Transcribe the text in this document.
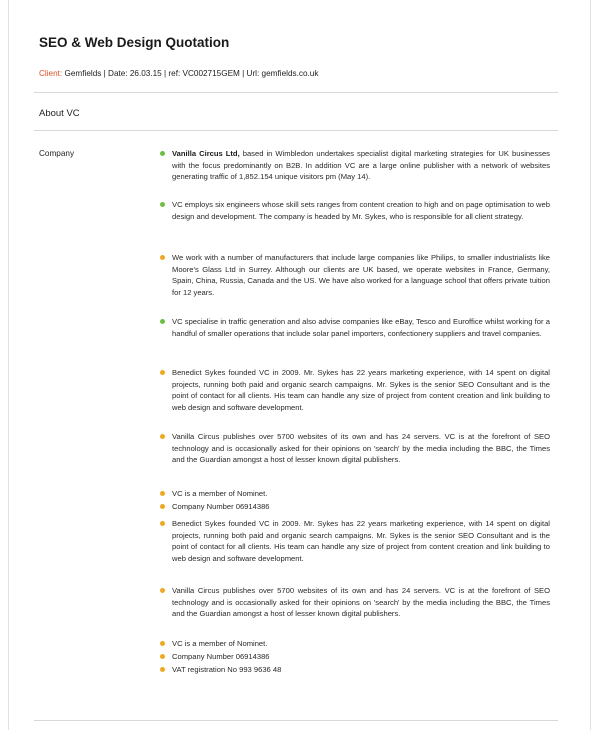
SEO & Web Design Quotation
Client: Gemfields | Date: 26.03.15 | ref: VC002715GEM | Url: gemfields.co.uk
About VC
Company	Vanilla Circus Ltd, based in Wimbledon undertakes specialist digital marketing strategies for UK businesses with the focus predominantly on B2B. In addition VC are a large online publisher with a network of websites generating traffic of 1,852.154 unique visitors pm (May 14).
VC employs six engineers whose skill sets ranges from content creation to high and on page optimisation to web design and development. The company is headed by Mr. Sykes, who is responsible for all client strategy.
We work with a number of manufacturers that include large companies like Philips, to smaller industrialists like Moore's Glass Ltd in Surrey. Although our clients are UK based, we operate websites in France, Germany, Spain, China, Russia, Canada and the US. We have also worked for a language school that offers private tuition for 12 years.
VC specialise in traffic generation and also advise companies like eBay, Tesco and Euroffice whilst working for a handful of smaller operations that include solar panel importers, confectionery suppliers and travel companies.
Benedict Sykes founded VC in 2009. Mr. Sykes has 22 years marketing experience, with 14 spent on digital projects, running both paid and organic search campaigns. Mr. Sykes is the senior SEO Consultant and is the point of contact for all clients. His team can handle any size of project from content creation and link building to web design and software development.
Vanilla Circus publishes over 5700 websites of its own and has 24 servers. VC is at the forefront of SEO technology and is occasionally asked for their opinions on 'search' by the media including the BBC, the Times and the Guardian amongst a host of lesser known digital publishers.
VC is a member of Nominet.
Company Number 06914386
Benedict Sykes founded VC in 2009. Mr. Sykes has 22 years marketing experience, with 14 spent on digital projects, running both paid and organic search campaigns. Mr. Sykes is the senior SEO Consultant and is the point of contact for all clients. His team can handle any size of project from content creation and link building to web design and software development.
Vanilla Circus publishes over 5700 websites of its own and has 24 servers. VC is at the forefront of SEO technology and is occasionally asked for their opinions on 'search' by the media including the BBC, the Times and the Guardian amongst a host of lesser known digital publishers.
VC is a member of Nominet.
Company Number 06914386
VAT registration No 993 9636 48
